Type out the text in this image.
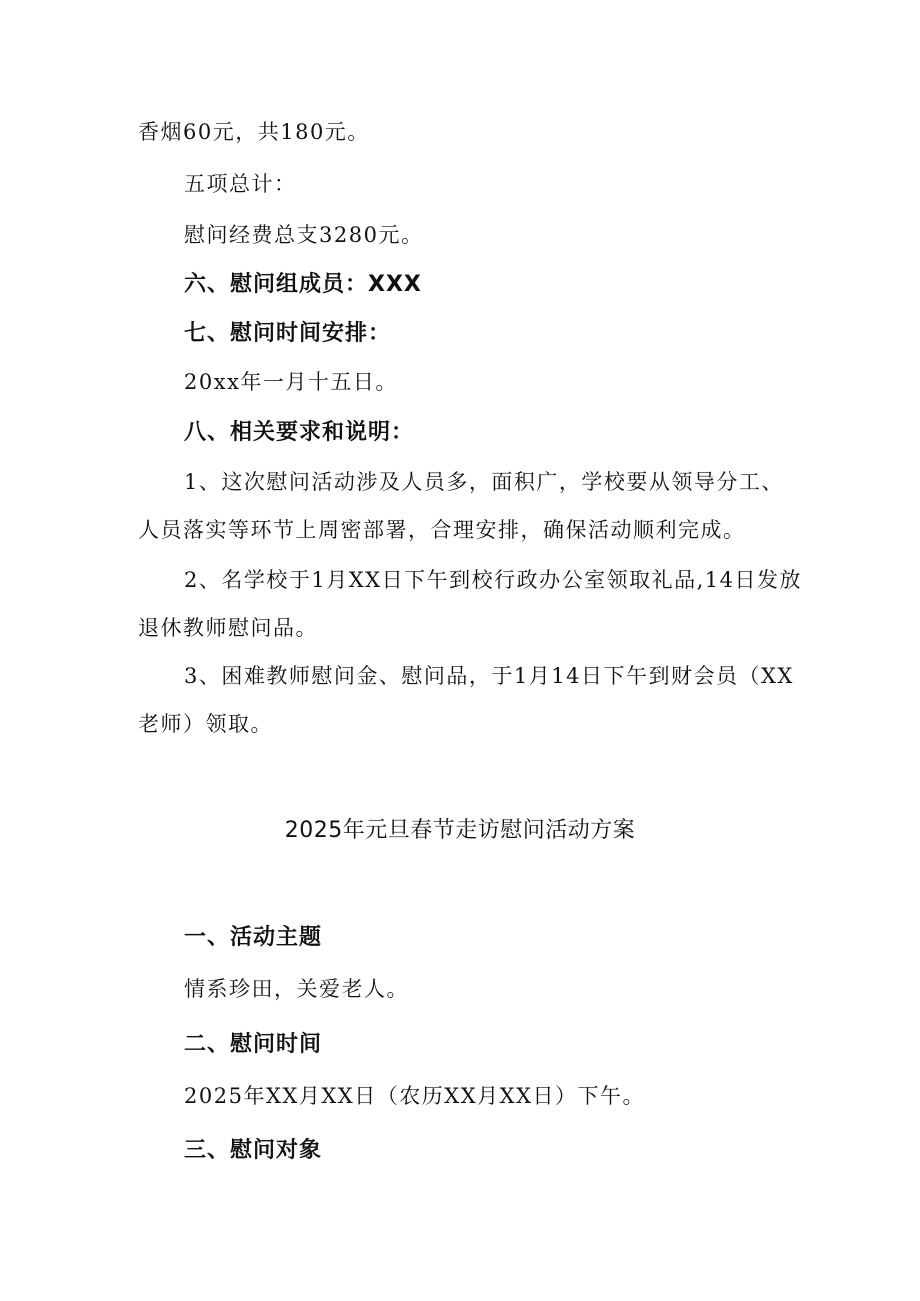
香烟60元，共180元。
五项总计：
慰问经费总支3280元。
六、慰问组成员：XXX
七、慰问时间安排：
20xx年一月十五日。
八、相关要求和说明：
1、这次慰问活动涉及人员多，面积广，学校要从领导分工、
人员落实等环节上周密部署，合理安排，确保活动顺利完成。
2、名学校于1月XX日下午到校行政办公室领取礼品,14日发放
退休教师慰问品。
3、困难教师慰问金、慰问品，于1月14日下午到财会员（XX
老师）领取。
2025年元旦春节走访慰问活动方案
一、活动主题
情系珍田，关爱老人。
二、慰问时间
2025年XX月XX日（农历XX月XX日）下午。
三、慰问对象
